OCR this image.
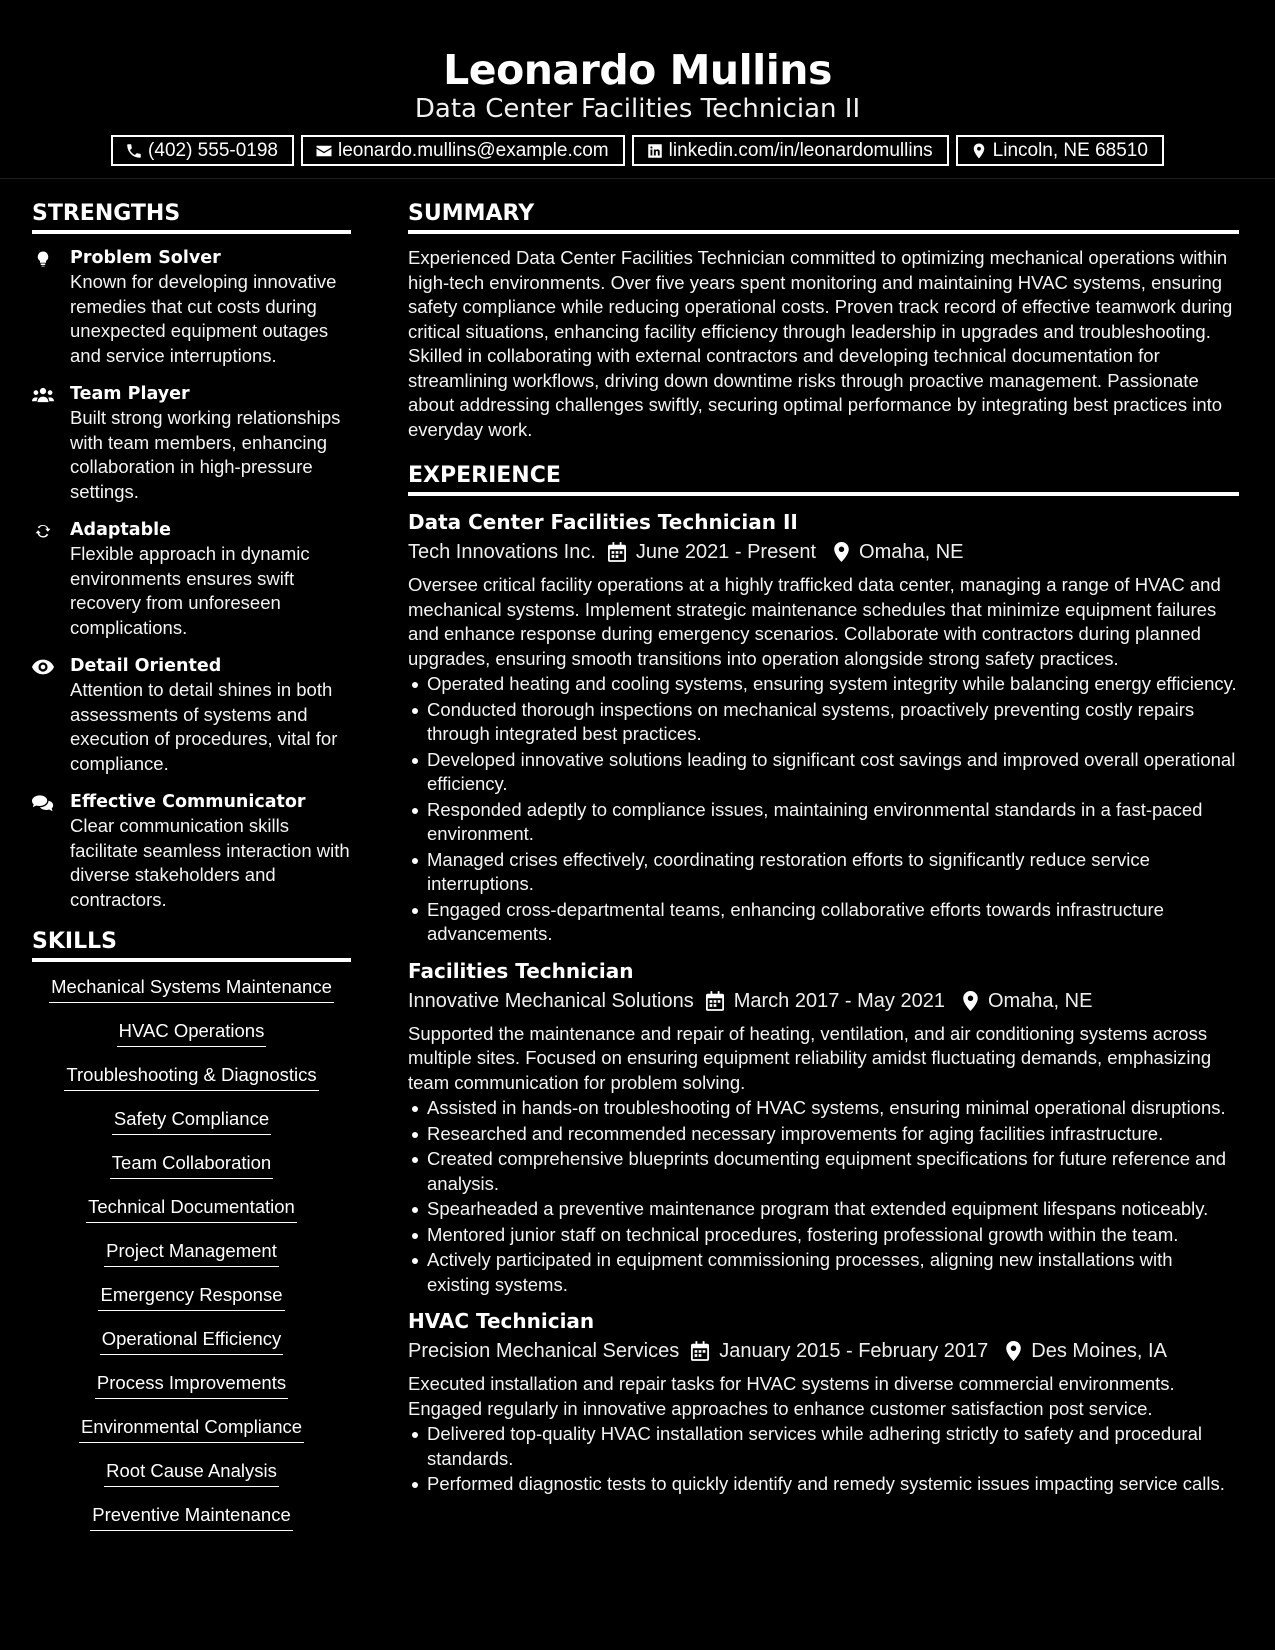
Leonardo Mullins
Data Center Facilities Technician II
(402) 555-0198	leonardo.mullins@example.com	linkedin.com/in/leonardomullins	Lincoln, NE 68510
STRENGTHS
Problem Solver
Known for developing innovative remedies that cut costs during unexpected equipment outages and service interruptions.
Team Player
Built strong working relationships with team members, enhancing collaboration in high-pressure settings.
Adaptable
Flexible approach in dynamic environments ensures swift recovery from unforeseen complications.
Detail Oriented
Attention to detail shines in both assessments of systems and execution of procedures, vital for compliance.
Effective Communicator
Clear communication skills facilitate seamless interaction with diverse stakeholders and contractors.
SKILLS
Mechanical Systems Maintenance
HVAC Operations
Troubleshooting & Diagnostics
Safety Compliance
Team Collaboration
Technical Documentation
Project Management
Emergency Response
Operational Efficiency
Process Improvements
Environmental Compliance
Root Cause Analysis
Preventive Maintenance
SUMMARY
Experienced Data Center Facilities Technician committed to optimizing mechanical operations within high-tech environments. Over five years spent monitoring and maintaining HVAC systems, ensuring safety compliance while reducing operational costs. Proven track record of effective teamwork during critical situations, enhancing facility efficiency through leadership in upgrades and troubleshooting. Skilled in collaborating with external contractors and developing technical documentation for streamlining workflows, driving down downtime risks through proactive management. Passionate about addressing challenges swiftly, securing optimal performance by integrating best practices into everyday work.
EXPERIENCE
Data Center Facilities Technician II
Tech Innovations Inc. June 2021 - Present Omaha, NE
Oversee critical facility operations at a highly trafficked data center, managing a range of HVAC and mechanical systems. Implement strategic maintenance schedules that minimize equipment failures and enhance response during emergency scenarios. Collaborate with contractors during planned upgrades, ensuring smooth transitions into operation alongside strong safety practices.
Operated heating and cooling systems, ensuring system integrity while balancing energy efficiency.
Conducted thorough inspections on mechanical systems, proactively preventing costly repairs through integrated best practices.
Developed innovative solutions leading to significant cost savings and improved overall operational efficiency.
Responded adeptly to compliance issues, maintaining environmental standards in a fast-paced environment.
Managed crises effectively, coordinating restoration efforts to significantly reduce service interruptions.
Engaged cross-departmental teams, enhancing collaborative efforts towards infrastructure advancements.
Facilities Technician
Innovative Mechanical Solutions March 2017 - May 2021 Omaha, NE
Supported the maintenance and repair of heating, ventilation, and air conditioning systems across multiple sites. Focused on ensuring equipment reliability amidst fluctuating demands, emphasizing team communication for problem solving.
Assisted in hands-on troubleshooting of HVAC systems, ensuring minimal operational disruptions.
Researched and recommended necessary improvements for aging facilities infrastructure.
Created comprehensive blueprints documenting equipment specifications for future reference and analysis.
Spearheaded a preventive maintenance program that extended equipment lifespans noticeably.
Mentored junior staff on technical procedures, fostering professional growth within the team.
Actively participated in equipment commissioning processes, aligning new installations with existing systems.
HVAC Technician
Precision Mechanical Services January 2015 - February 2017 Des Moines, IA
Executed installation and repair tasks for HVAC systems in diverse commercial environments. Engaged regularly in innovative approaches to enhance customer satisfaction post service.
Delivered top-quality HVAC installation services while adhering strictly to safety and procedural standards.
Performed diagnostic tests to quickly identify and remedy systemic issues impacting service calls.
